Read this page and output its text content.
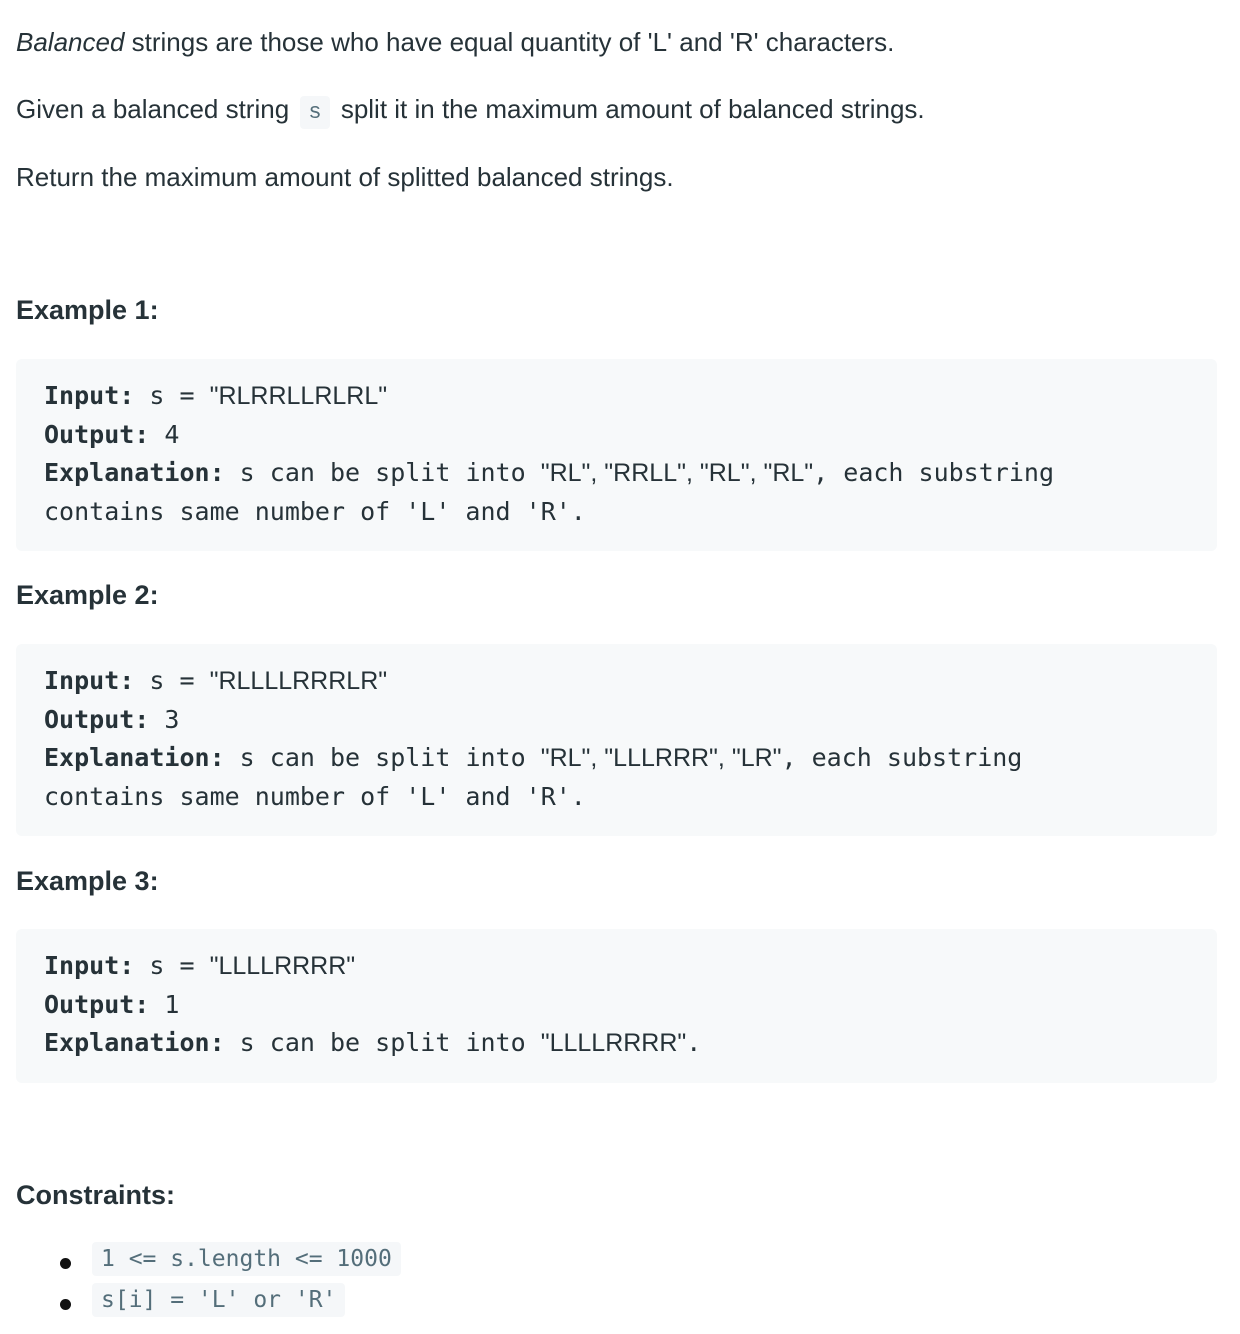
Balanced strings are those who have equal quantity of 'L' and 'R' characters.

Given a balanced string s split it in the maximum amount of balanced strings.

Return the maximum amount of splitted balanced strings.

Example 1:
Input: s = "RLRRLLRLRL"
Output: 4
Explanation: s can be split into "RL", "RRLL", "RL", "RL", each substring
contains same number of 'L' and 'R'.
Example 2:
Input: s = "RLLLLRRRLR"
Output: 3
Explanation: s can be split into "RL", "LLLRRR", "LR", each substring
contains same number of 'L' and 'R'.
Example 3:
Input: s = "LLLLRRRR"
Output: 1
Explanation: s can be split into "LLLLRRRR".
Constraints:
1 <= s.length <= 1000
s[i] = 'L' or 'R'
